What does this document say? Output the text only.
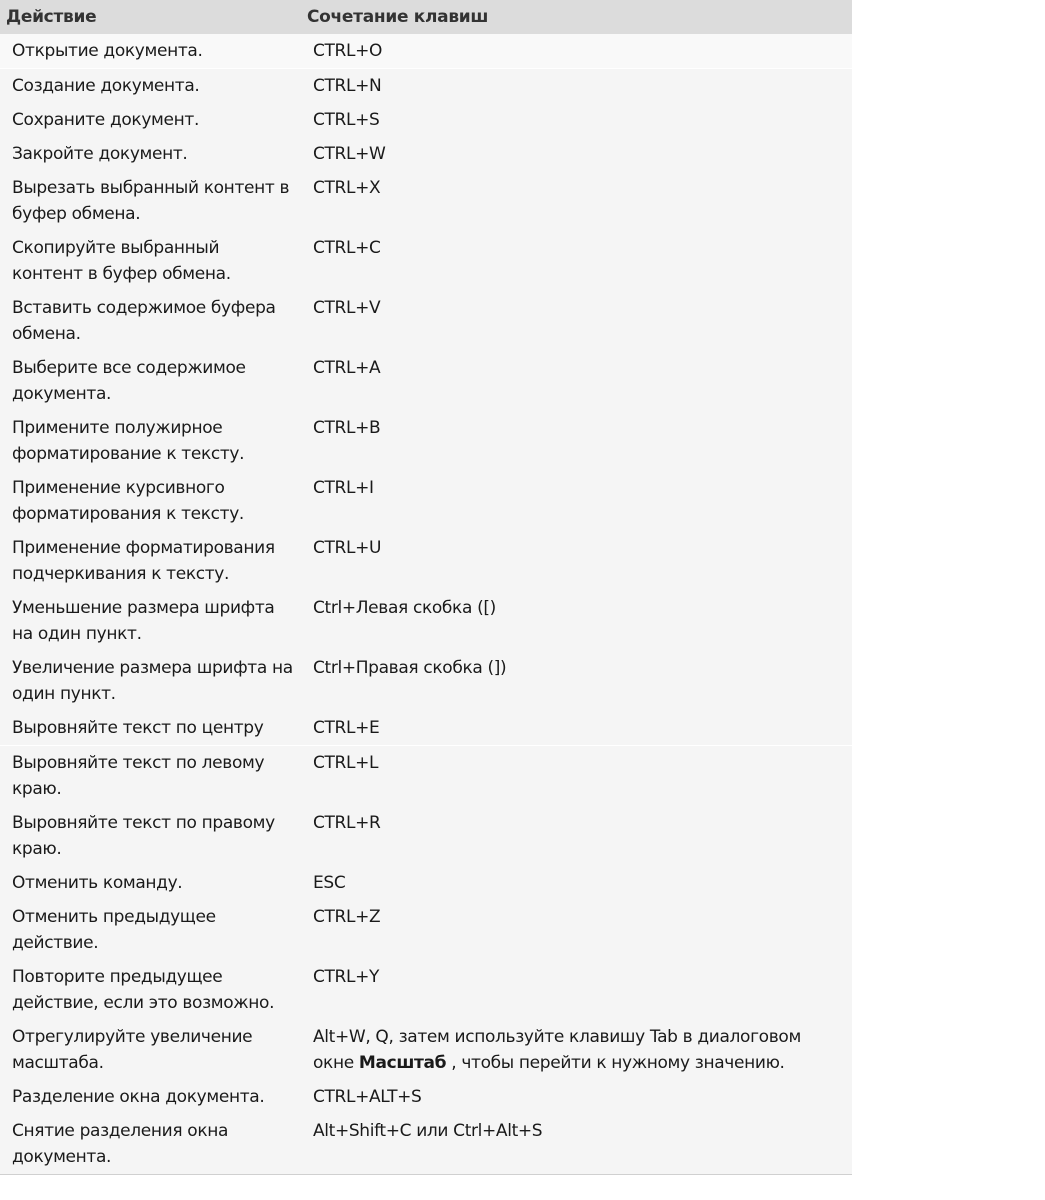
Действие	Сочетание клавиш
Открытие документа.	CTRL+O
Создание документа.	CTRL+N
Сохраните документ.	CTRL+S
Закройте документ.	CTRL+W
Вырезать выбранный контент в буфер обмена.	CTRL+X
Скопируйте выбранный контент в буфер обмена.	CTRL+C
Вставить содержимое буфера обмена.	CTRL+V
Выберите все содержимое документа.	CTRL+A
Примените полужирное форматирование к тексту.	CTRL+B
Применение курсивного форматирования к тексту.	CTRL+I
Применение форматирования подчеркивания к тексту.	CTRL+U
Уменьшение размера шрифта на один пункт.	Ctrl+Левая скобка ([)
Увеличение размера шрифта на один пункт.	Ctrl+Правая скобка (])
Выровняйте текст по центру	CTRL+E
Выровняйте текст по левому краю.	CTRL+L
Выровняйте текст по правому краю.	CTRL+R
Отменить команду.	ESC
Отменить предыдущее действие.	CTRL+Z
Повторите предыдущее действие, если это возможно.	CTRL+Y
Отрегулируйте увеличение масштаба.	Alt+W, Q, затем используйте клавишу Tab в диалоговом окне Масштаб , чтобы перейти к нужному значению.
Разделение окна документа.	CTRL+ALT+S
Снятие разделения окна документа.	Alt+Shift+C или Ctrl+Alt+S
